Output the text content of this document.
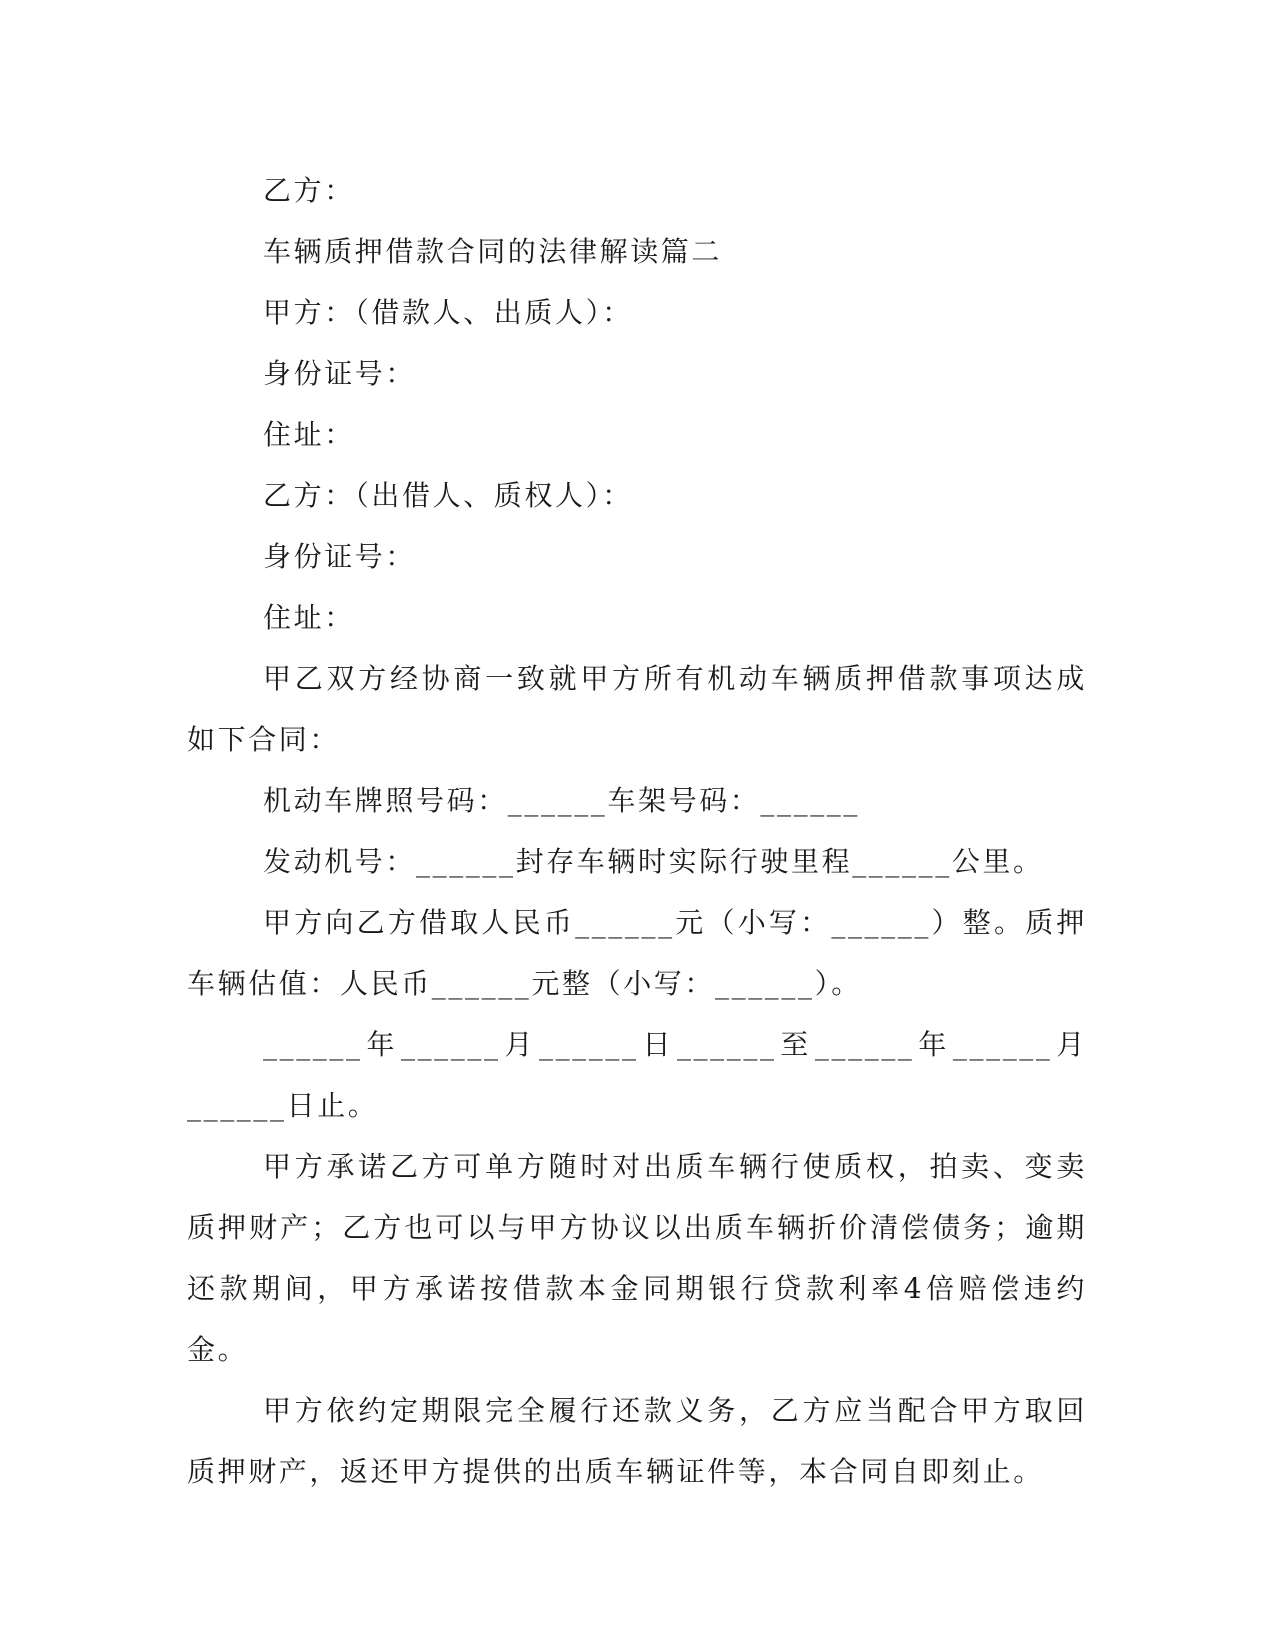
乙方：

车辆质押借款合同的法律解读篇二

甲方：（借款人、出质人）：

身份证号：

住址：

乙方：（出借人、质权人）：

身份证号：

住址：

甲乙双方经协商一致就甲方所有机动车辆质押借款事项达成如下合同：

机动车牌照号码：______车架号码：______

发动机号：______封存车辆时实际行驶里程______公里。

甲方向乙方借取人民币______元（小写：______）整。质押车辆估值：人民币______元整（小写：______）。

______年______月______日______至______年______月______日止。

甲方承诺乙方可单方随时对出质车辆行使质权，拍卖、变卖质押财产；乙方也可以与甲方协议以出质车辆折价清偿债务；逾期还款期间，甲方承诺按借款本金同期银行贷款利率4倍赔偿违约金。

甲方依约定期限完全履行还款义务，乙方应当配合甲方取回质押财产，返还甲方提供的出质车辆证件等，本合同自即刻止。
